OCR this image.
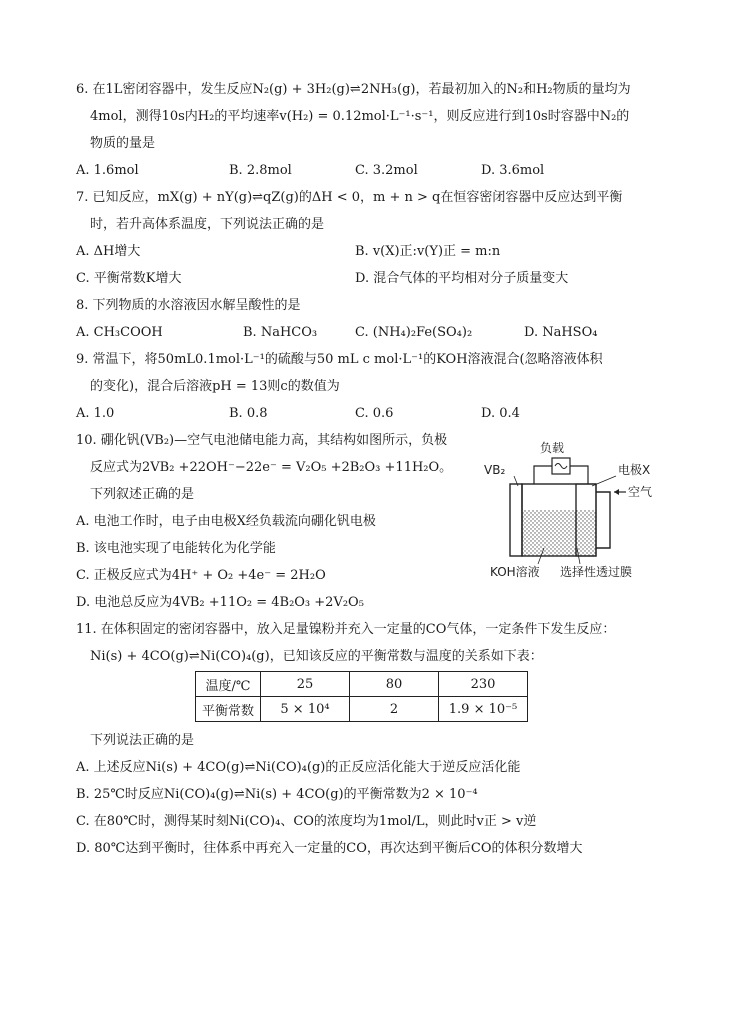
6. 在1L密闭容器中，发生反应N₂(g) + 3H₂(g)⇌2NH₃(g)，若最初加入的N₂和H₂物质的量均为
4mol，测得10s内H₂的平均速率v(H₂) = 0.12mol·L⁻¹·s⁻¹，则反应进行到10s时容器中N₂的
物质的量是
A. 1.6mol	B. 2.8mol	C. 3.2mol	D. 3.6mol
7. 已知反应，mX(g) + nY(g)⇌qZ(g)的ΔH < 0，m + n > q在恒容密闭容器中反应达到平衡
时，若升高体系温度，下列说法正确的是
A. ΔH增大	B. v(X)正:v(Y)正 = m:n
C. 平衡常数K增大	D. 混合气体的平均相对分子质量变大
8. 下列物质的水溶液因水解呈酸性的是
A. CH₃COOH	B. NaHCO₃	C. (NH₄)₂Fe(SO₄)₂	D. NaHSO₄
9. 常温下，将50mL0.1mol·L⁻¹的硫酸与50 mL c mol·L⁻¹的KOH溶液混合(忽略溶液体积
的变化)，混合后溶液pH = 13则c的数值为
A. 1.0	B. 0.8	C. 0.6	D. 0.4
10. 硼化钒(VB₂)—空气电池储电能力高，其结构如图所示，负极
反应式为2VB₂ +22OH⁻−22e⁻ = V₂O₅ +2B₂O₃ +11H₂O。
下列叙述正确的是
A. 电池工作时，电子由电极X经负载流向硼化钒电极
B. 该电池实现了电能转化为化学能
C. 正极反应式为4H⁺ + O₂ +4e⁻ = 2H₂O
D. 电池总反应为4VB₂ +11O₂ = 4B₂O₃ +2V₂O₅
负载
VB₂	电极X
空气
KOH溶液 选择性透过膜
11. 在体积固定的密闭容器中，放入足量镍粉并充入一定量的CO气体，一定条件下发生反应：
Ni(s) + 4CO(g)⇌Ni(CO)₄(g)，已知该反应的平衡常数与温度的关系如下表：
温度/℃	25	80	230
平衡常数	5 × 10⁴	2	1.9 × 10⁻⁵
下列说法正确的是
A. 上述反应Ni(s) + 4CO(g)⇌Ni(CO)₄(g)的正反应活化能大于逆反应活化能
B. 25℃时反应Ni(CO)₄(g)⇌Ni(s) + 4CO(g)的平衡常数为2 × 10⁻⁴
C. 在80℃时，测得某时刻Ni(CO)₄、CO的浓度均为1mol/L，则此时v正 > v逆
D. 80℃达到平衡时，往体系中再充入一定量的CO，再次达到平衡后CO的体积分数增大
